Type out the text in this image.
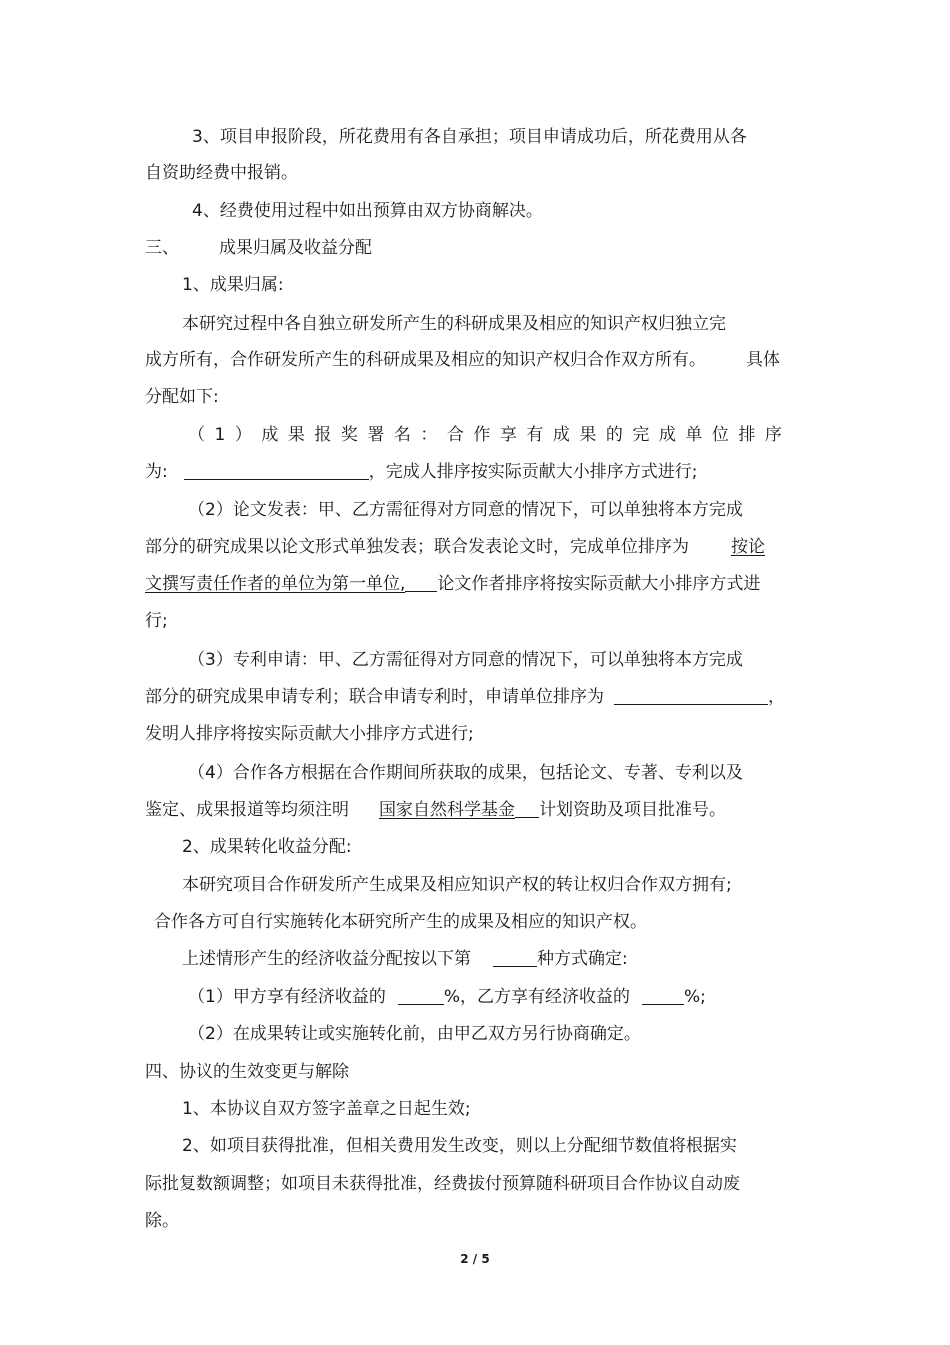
3、项目申报阶段，所花费用有各自承担；项目申请成功后，所花费用从各
自资助经费中报销。
4、经费使用过程中如出预算由双方协商解决。
三、 成果归属及收益分配
1、成果归属:
本研究过程中各自独立研发所产生的科研成果及相应的知识产权归独立完
成方所有，合作研发所产生的科研成果及相应的知识产权归合作双方所有。 具体
分配如下:
（1）成果报奖署名：合作享有成果的完成单位排序
为:	，完成人排序按实际贡献大小排序方式进行;
（2）论文发表：甲、乙方需征得对方同意的情况下，可以单独将本方完成
部分的研究成果以论文形式单独发表；联合发表论文时，完成单位排序为 按论
文撰写责任作者的单位为第一单位, 论文作者排序将按实际贡献大小排序方式进
行;
（3）专利申请：甲、乙方需征得对方同意的情况下，可以单独将本方完成
部分的研究成果申请专利；联合申请专利时，申请单位排序为	，
发明人排序将按实际贡献大小排序方式进行;
（4）合作各方根据在合作期间所获取的成果，包括论文、专著、专利以及
鉴定、成果报道等均须注明 国家自然科学基金 计划资助及项目批准号。
2、成果转化收益分配:
本研究项目合作研发所产生成果及相应知识产权的转让权归合作双方拥有;
合作各方可自行实施转化本研究所产生的成果及相应的知识产权。
上述情形产生的经济收益分配按以下第	种方式确定:
（1）甲方享有经济收益的	%，乙方享有经济收益的	%;
（2）在成果转让或实施转化前，由甲乙双方另行协商确定。
四、协议的生效变更与解除
1、本协议自双方签字盖章之日起生效;
2、如项目获得批准，但相关费用发生改变，则以上分配细节数值将根据实
际批复数额调整；如项目未获得批准，经费拔付预算随科研项目合作协议自动废
除。
2 / 5
